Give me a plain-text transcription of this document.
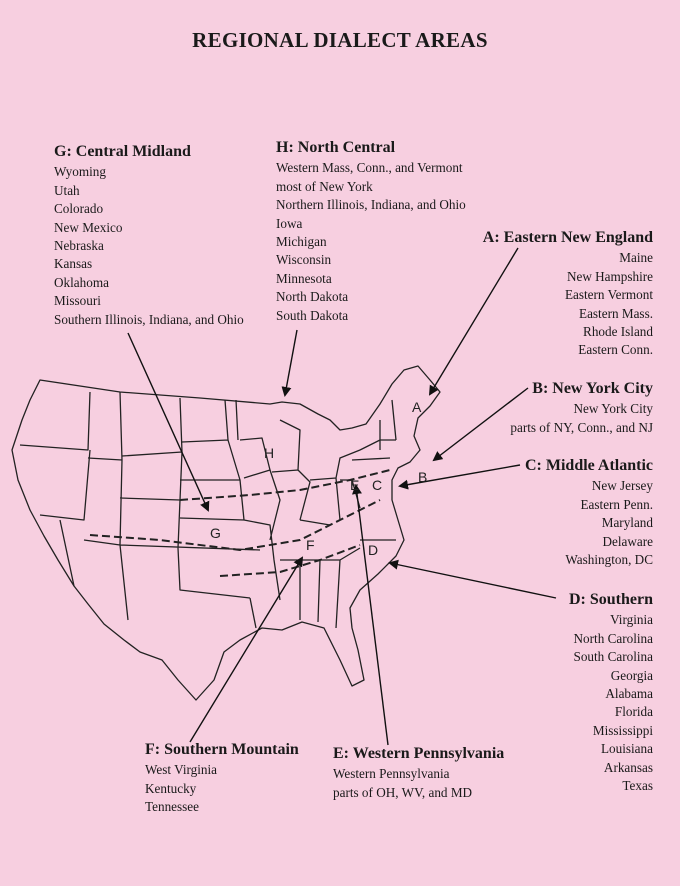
REGIONAL DIALECT AREAS
G
H
A
B
C
D
F
E
G: Central Midland
Wyoming
Utah
Colorado
New Mexico
Nebraska
Kansas
Oklahoma
Missouri
Southern Illinois, Indiana, and Ohio
H: North Central
Western Mass, Conn., and Vermont
most of New York
Northern Illinois, Indiana, and Ohio
Iowa
Michigan
Wisconsin
Minnesota
North Dakota
South Dakota
A: Eastern New England
Maine
New Hampshire
Eastern Vermont
Eastern Mass.
Rhode Island
Eastern Conn.
B: New York City
New York City
parts of NY, Conn., and NJ
C: Middle Atlantic
New Jersey
Eastern Penn.
Maryland
Delaware
Washington, DC
D: Southern
Virginia
North Carolina
South Carolina
Georgia
Alabama
Florida
Mississippi
Louisiana
Arkansas
Texas
F: Southern Mountain
West Virginia
Kentucky
Tennessee
E: Western Pennsylvania
Western Pennsylvania
parts of OH, WV, and MD
